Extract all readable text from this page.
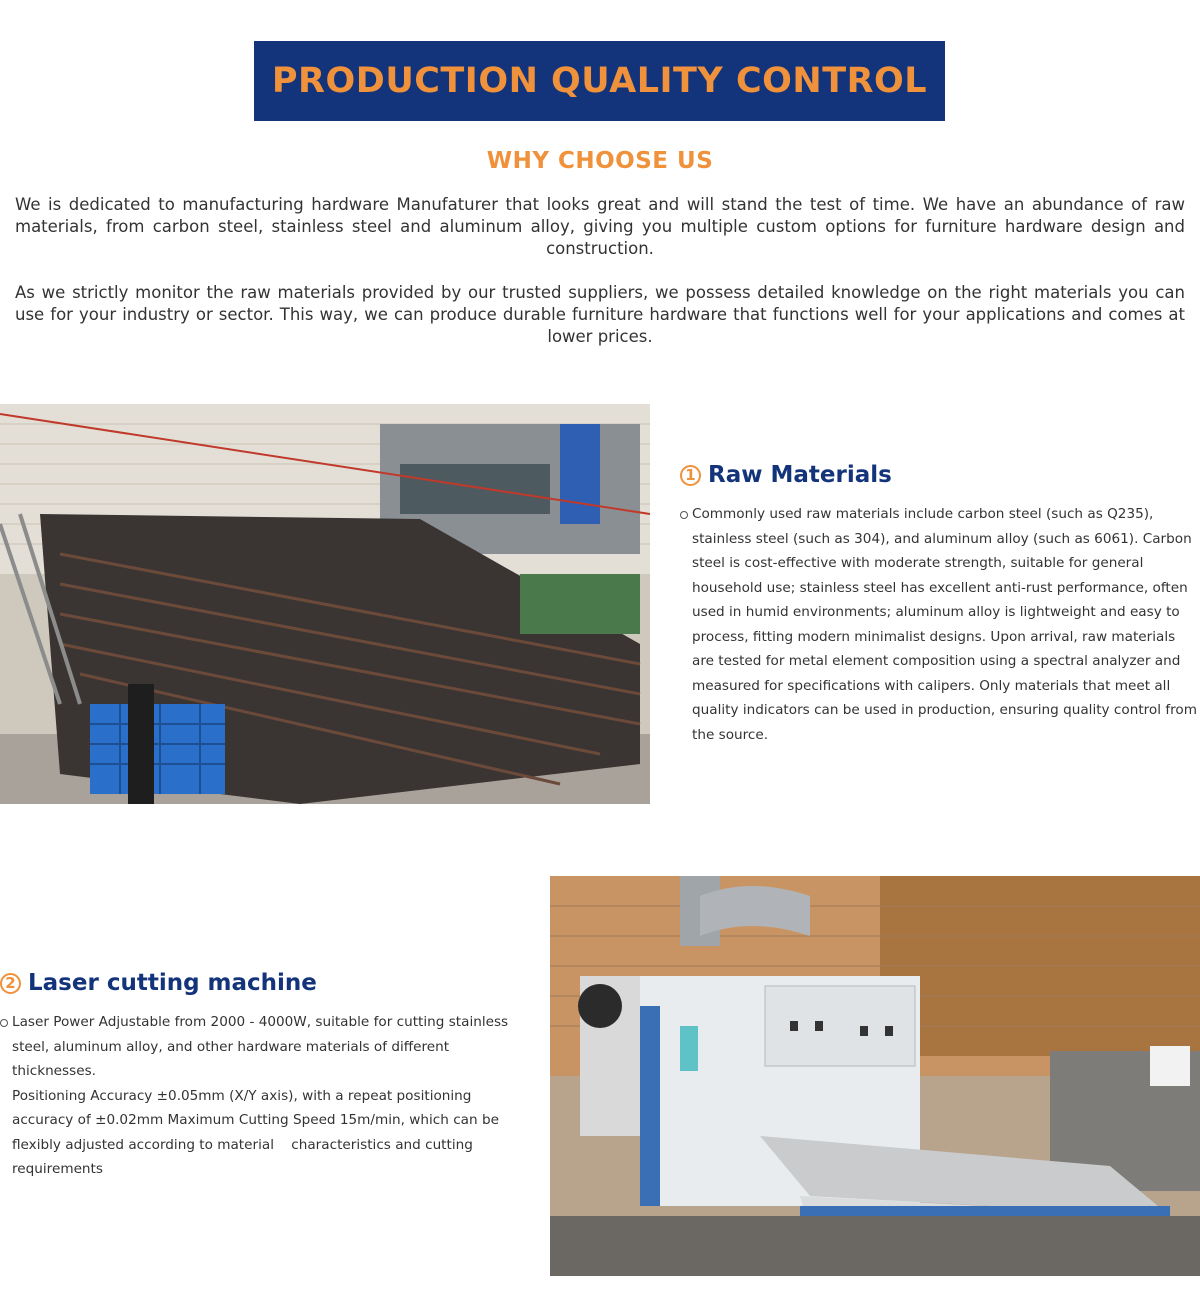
PRODUCTION QUALITY CONTROL
WHY CHOOSE US
We is dedicated to manufacturing hardware Manufaturer that looks great and will stand the test of time. We have an abundance of raw materials, from carbon steel, stainless steel and aluminum alloy, giving you multiple custom options for furniture hardware design and construction.
As we strictly monitor the raw materials provided by our trusted suppliers, we possess detailed knowledge on the right materials you can use for your industry or sector. This way, we can produce durable furniture hardware that functions well for your applications and comes at lower prices.
1 Raw Materials
Commonly used raw materials include carbon steel (such as Q235), stainless steel (such as 304), and aluminum alloy (such as 6061). Carbon steel is cost-effective with moderate strength, suitable for general household use; stainless steel has excellent anti-rust performance, often used in humid environments; aluminum alloy is lightweight and easy to process, fitting modern minimalist designs. Upon arrival, raw materials are tested for metal element composition using a spectral analyzer and measured for specifications with calipers. Only materials that meet all quality indicators can be used in production, ensuring quality control from the source.
2 Laser cutting machine
Laser Power Adjustable from 2000 - 4000W, suitable for cutting stainless steel, aluminum alloy, and other hardware materials of different thicknesses.
Positioning Accuracy ±0.05mm (X/Y axis), with a repeat positioning accuracy of ±0.02mm Maximum Cutting Speed 15m/min, which can be flexibly adjusted according to material    characteristics and cutting requirements
